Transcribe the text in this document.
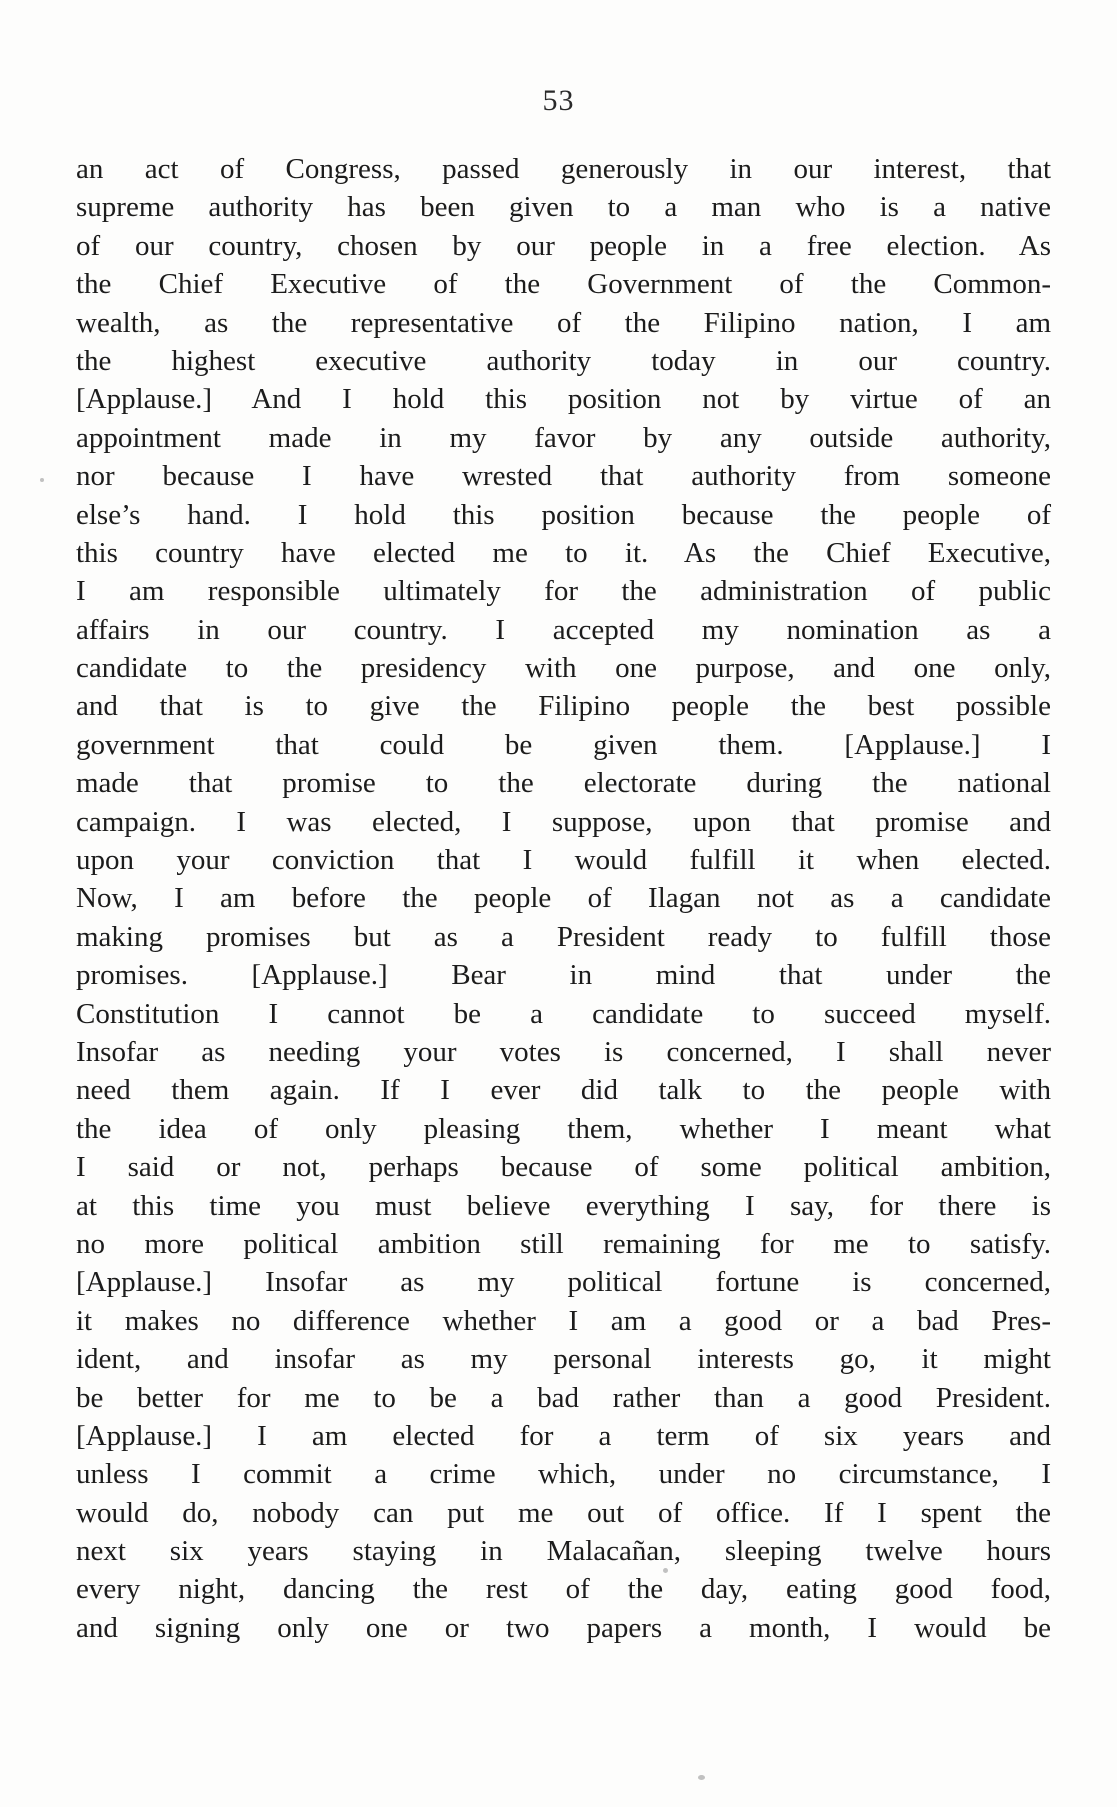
53
an act of Congress, passed generously in our interest, that
supreme authority has been given to a man who is a native
of our country, chosen by our people in a free election. As
the Chief Executive of the Government of the Common-
wealth, as the representative of the Filipino nation, I am
the highest executive authority today in our country.
[Applause.] And I hold this position not by virtue of an
appointment made in my favor by any outside authority,
nor because I have wrested that authority from someone
else’s hand. I hold this position because the people of
this country have elected me to it. As the Chief Executive,
I am responsible ultimately for the administration of public
affairs in our country. I accepted my nomination as a
candidate to the presidency with one purpose, and one only,
and that is to give the Filipino people the best possible
government that could be given them. [Applause.] I
made that promise to the electorate during the national
campaign. I was elected, I suppose, upon that promise and
upon your conviction that I would fulfill it when elected.
Now, I am before the people of Ilagan not as a candidate
making promises but as a President ready to fulfill those
promises. [Applause.] Bear in mind that under the
Constitution I cannot be a candidate to succeed myself.
Insofar as needing your votes is concerned, I shall never
need them again. If I ever did talk to the people with
the idea of only pleasing them, whether I meant what
I said or not, perhaps because of some political ambition,
at this time you must believe everything I say, for there is
no more political ambition still remaining for me to satisfy.
[Applause.] Insofar as my political fortune is concerned,
it makes no difference whether I am a good or a bad Pres-
ident, and insofar as my personal interests go, it might
be better for me to be a bad rather than a good President.
[Applause.] I am elected for a term of six years and
unless I commit a crime which, under no circumstance, I
would do, nobody can put me out of office. If I spent the
next six years staying in Malacañan, sleeping twelve hours
every night, dancing the rest of the day, eating good food,
and signing only one or two papers a month, I would be
